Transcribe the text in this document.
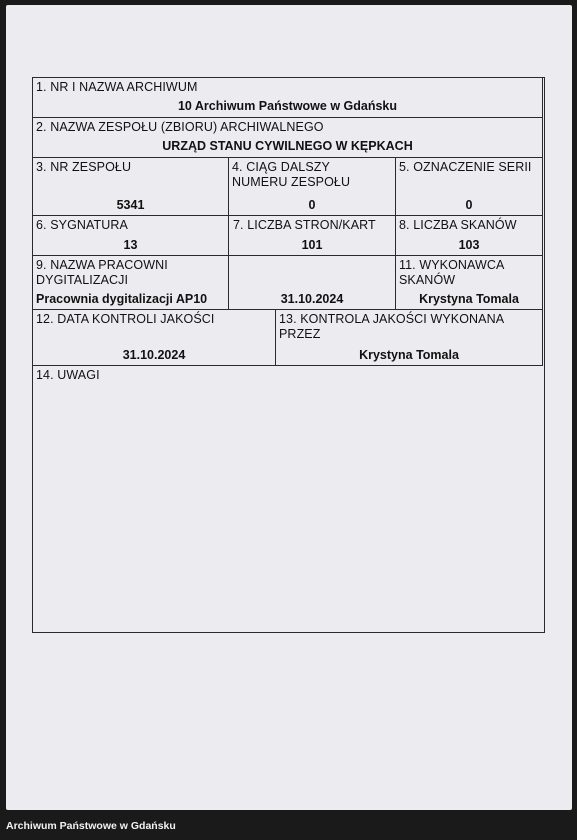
1. NR I NAZWA ARCHIWUM
10 Archiwum Państwowe w Gdańsku
2. NAZWA ZESPOŁU (ZBIORU) ARCHIWALNEGO
URZĄD STANU CYWILNEGO W KĘPKACH
3. NR ZESPOŁU
5341
4. CIĄG DALSZY
NUMERU ZESPOŁU
0
5. OZNACZENIE SERII
0
6. SYGNATURA
13
7. LICZBA STRON/KART
101
8. LICZBA SKANÓW
103
9. NAZWA PRACOWNI
DYGITALIZACJI
Pracownia dygitalizacji AP10	31.10.2024
11. WYKONAWCA
SKANÓW
Krystyna Tomala
12. DATA KONTROLI JAKOŚCI
31.10.2024
13. KONTROLA JAKOŚCI WYKONANA
PRZEZ
Krystyna Tomala
14. UWAGI
Archiwum Państwowe w Gdańsku
